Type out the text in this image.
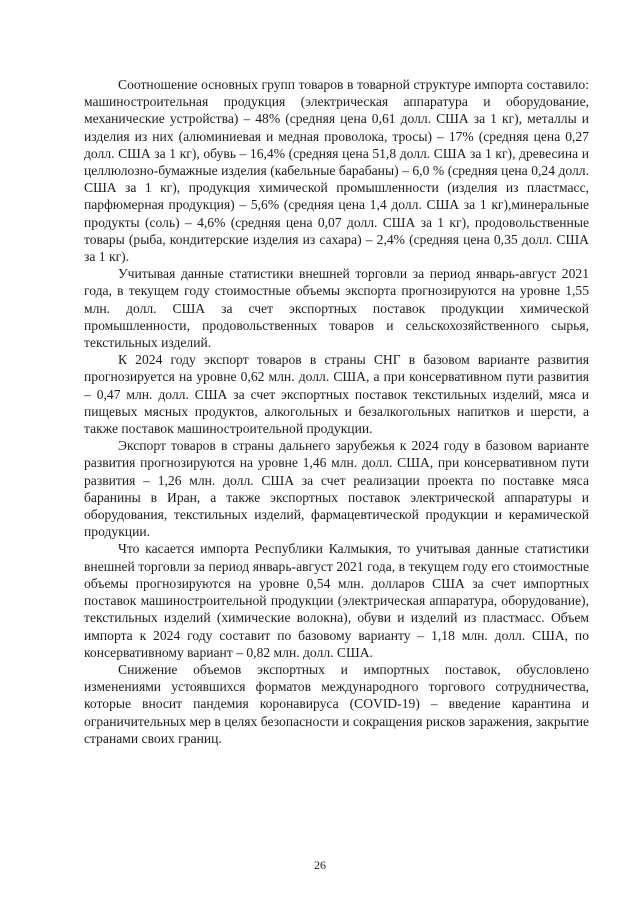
Соотношение основных групп товаров в товарной структуре импорта составило: машиностроительная продукция (электрическая аппаратура и оборудование, механические устройства) – 48% (средняя цена 0,61 долл. США за 1 кг), металлы и изделия из них (алюминиевая и медная проволока, тросы) – 17% (средняя цена 0,27 долл. США за 1 кг), обувь – 16,4% (средняя цена 51,8 долл. США за 1 кг), древесина и целлюлозно-бумажные изделия (кабельные барабаны) – 6,0 % (средняя цена 0,24 долл. США за 1 кг), продукция химической промышленности (изделия из пластмасс, парфюмерная продукция) – 5,6% (средняя цена 1,4 долл. США за 1 кг),минеральные продукты (соль) – 4,6% (средняя цена 0,07 долл. США за 1 кг), продовольственные товары (рыба, кондитерские изделия из сахара) – 2,4% (средняя цена 0,35 долл. США за 1 кг).

Учитывая данные статистики внешней торговли за период январь-август 2021 года, в текущем году стоимостные объемы экспорта прогнозируются на уровне 1,55 млн. долл. США за счет экспортных поставок продукции химической промышленности, продовольственных товаров и сельскохозяйственного сырья, текстильных изделий.

К 2024 году экспорт товаров в страны СНГ в базовом варианте развития прогнозируется на уровне 0,62 млн. долл. США, а при консервативном пути развития – 0,47 млн. долл. США за счет экспортных поставок текстильных изделий, мяса и пищевых мясных продуктов, алкогольных и безалкогольных напитков и шерсти, а также поставок машиностроительной продукции.

Экспорт товаров в страны дальнего зарубежья к 2024 году в базовом варианте развития прогнозируются на уровне 1,46 млн. долл. США, при консервативном пути развития – 1,26 млн. долл. США за счет реализации проекта по поставке мяса баранины в Иран, а также экспортных поставок электрической аппаратуры и оборудования, текстильных изделий, фармацевтической продукции и керамической продукции.

Что касается импорта Республики Калмыкия, то учитывая данные статистики внешней торговли за период январь-август 2021 года, в текущем году его стоимостные объемы прогнозируются на уровне 0,54 млн. долларов США за счет импортных поставок машиностроительной продукции (электрическая аппаратура, оборудование), текстильных изделий (химические волокна), обуви и изделий из пластмасс. Объем импорта к 2024 году составит по базовому варианту – 1,18 млн. долл. США, по консервативному вариант – 0,82 млн. долл. США.

Снижение объемов экспортных и импортных поставок, обусловлено изменениями устоявшихся форматов международного торгового сотрудничества, которые вносит пандемия коронавируса (COVID-19) – введение карантина и ограничительных мер в целях безопасности и сокращения рисков заражения, закрытие странами своих границ.

26
